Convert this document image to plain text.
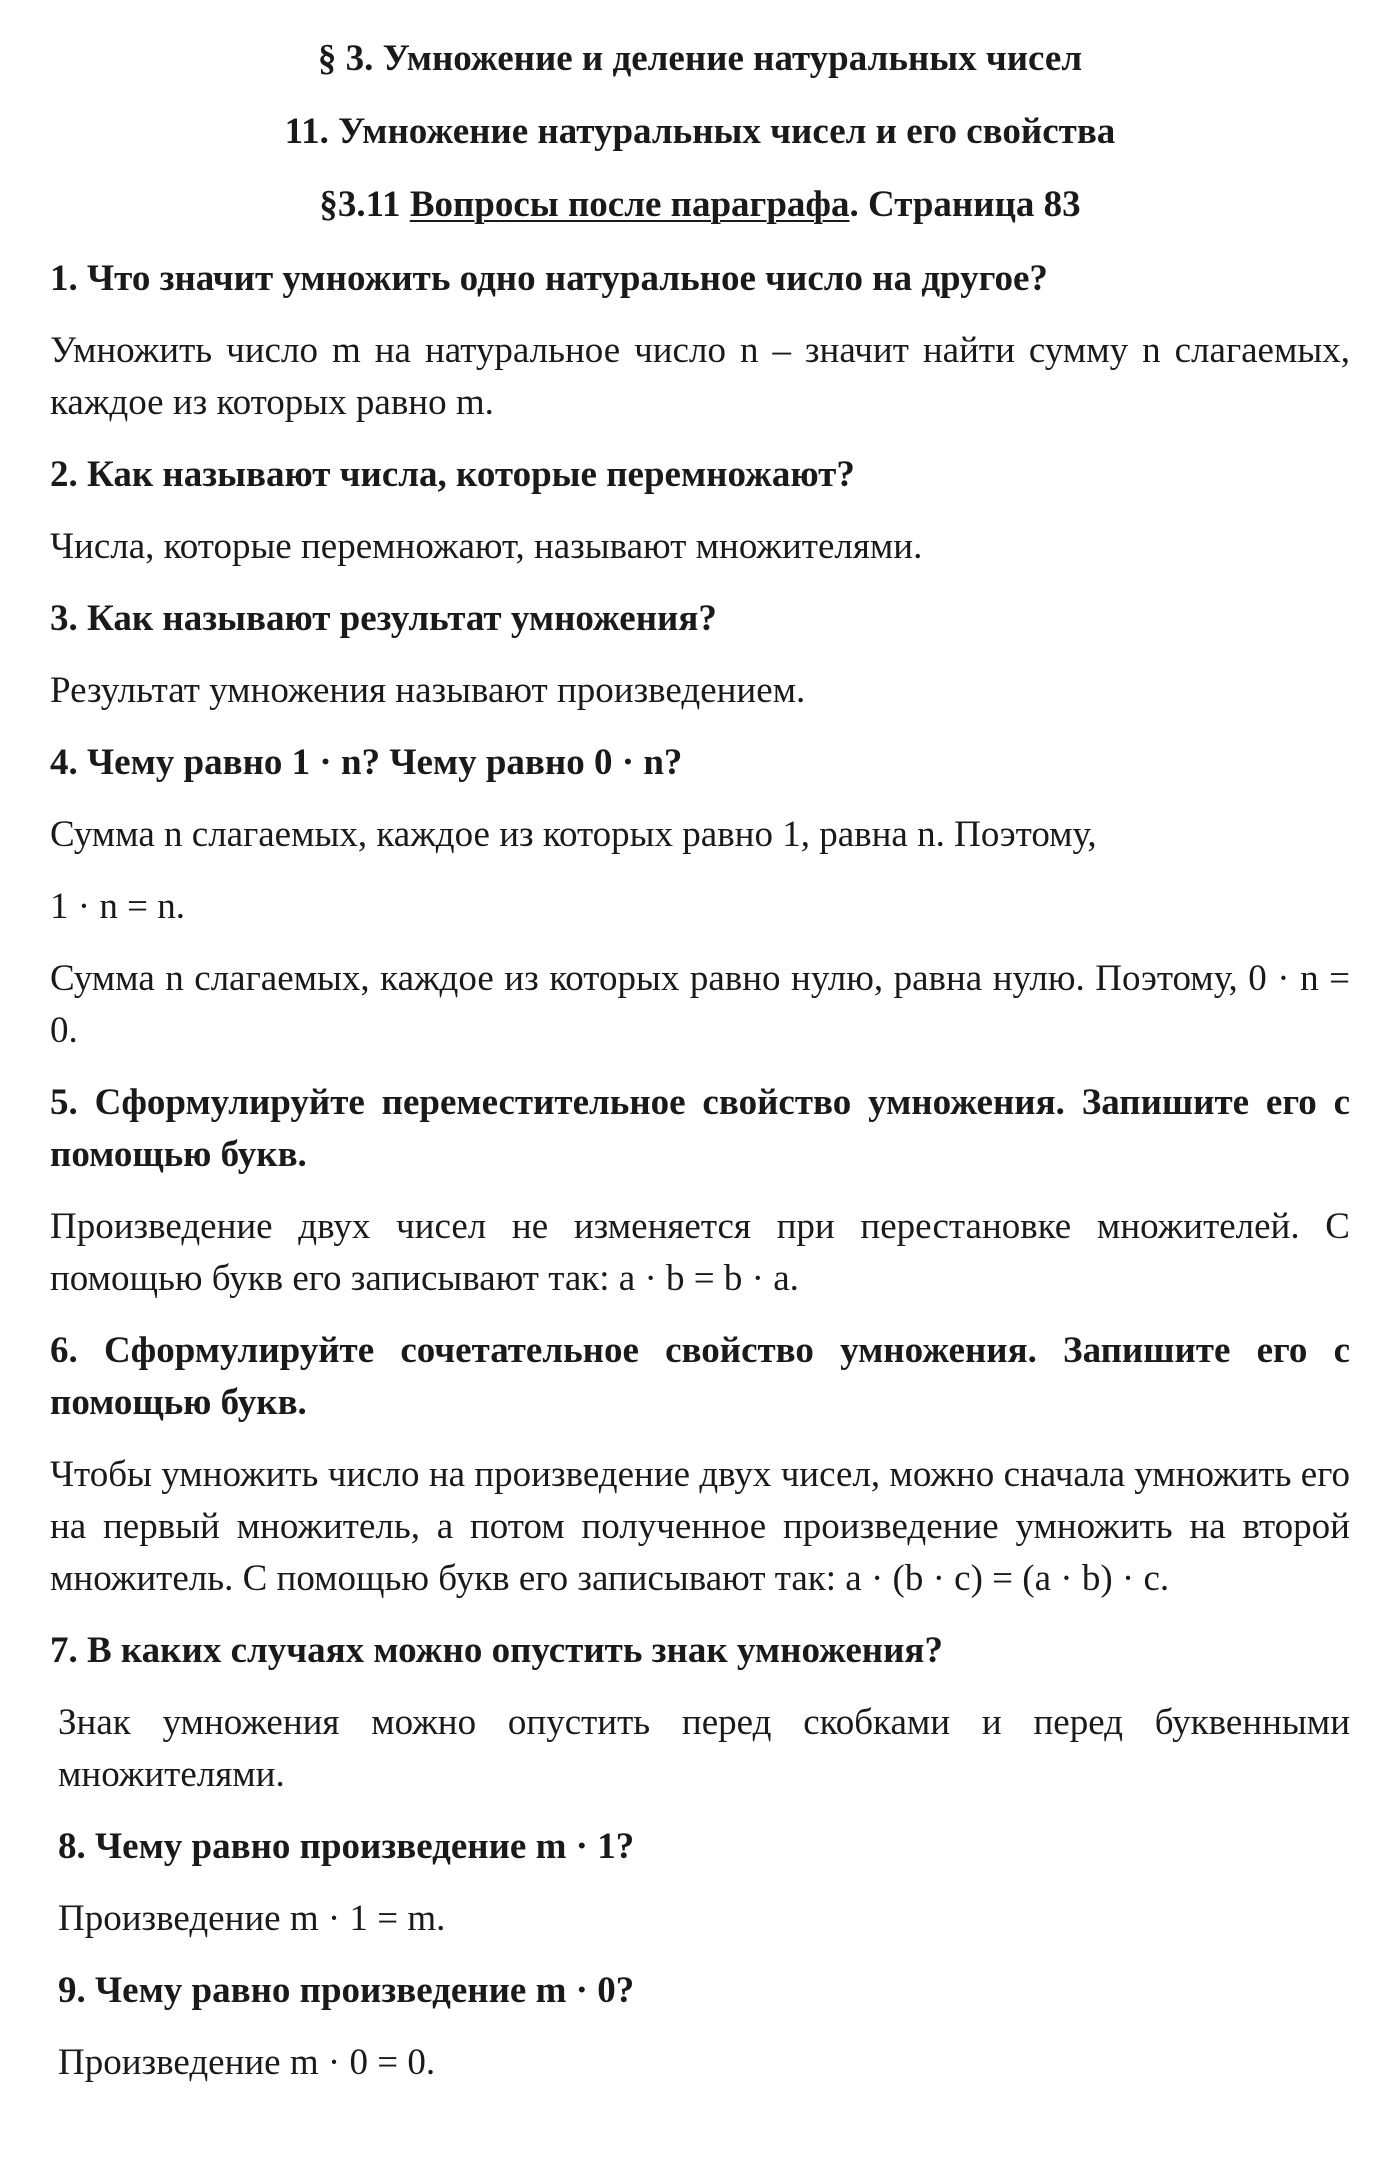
§ 3. Умножение и деление натуральных чисел
11. Умножение натуральных чисел и его свойства
§3.11 Вопросы после параграфа. Страница 83
1. Что значит умножить одно натуральное число на другое?
Умножить число m на натуральное число n – значит найти сумму n слагаемых, каждое из которых равно m.
2. Как называют числа, которые перемножают?
Числа, которые перемножают, называют множителями.
3. Как называют результат умножения?
Результат умножения называют произведением.
4. Чему равно 1 · n? Чему равно 0 · n?
Сумма n слагаемых, каждое из которых равно 1, равна n. Поэтому,
1 · n = n.
Сумма n слагаемых, каждое из которых равно нулю, равна нулю. Поэтому, 0 · n = 0.
5. Сформулируйте переместительное свойство умножения. Запишите его с помощью букв.
Произведение двух чисел не изменяется при перестановке множителей. С помощью букв его записывают так: a · b = b · a.
6. Сформулируйте сочетательное свойство умножения. Запишите его с помощью букв.
Чтобы умножить число на произведение двух чисел, можно сначала умножить его на первый множитель, а потом полученное произведение умножить на второй множитель. С помощью букв его записывают так: a · (b · c) = (a · b) · c.
7. В каких случаях можно опустить знак умножения?
Знак умножения можно опустить перед скобками и перед буквенными множителями.
8. Чему равно произведение m · 1?
Произведение m · 1 = m.
9. Чему равно произведение m · 0?
Произведение m · 0 = 0.
